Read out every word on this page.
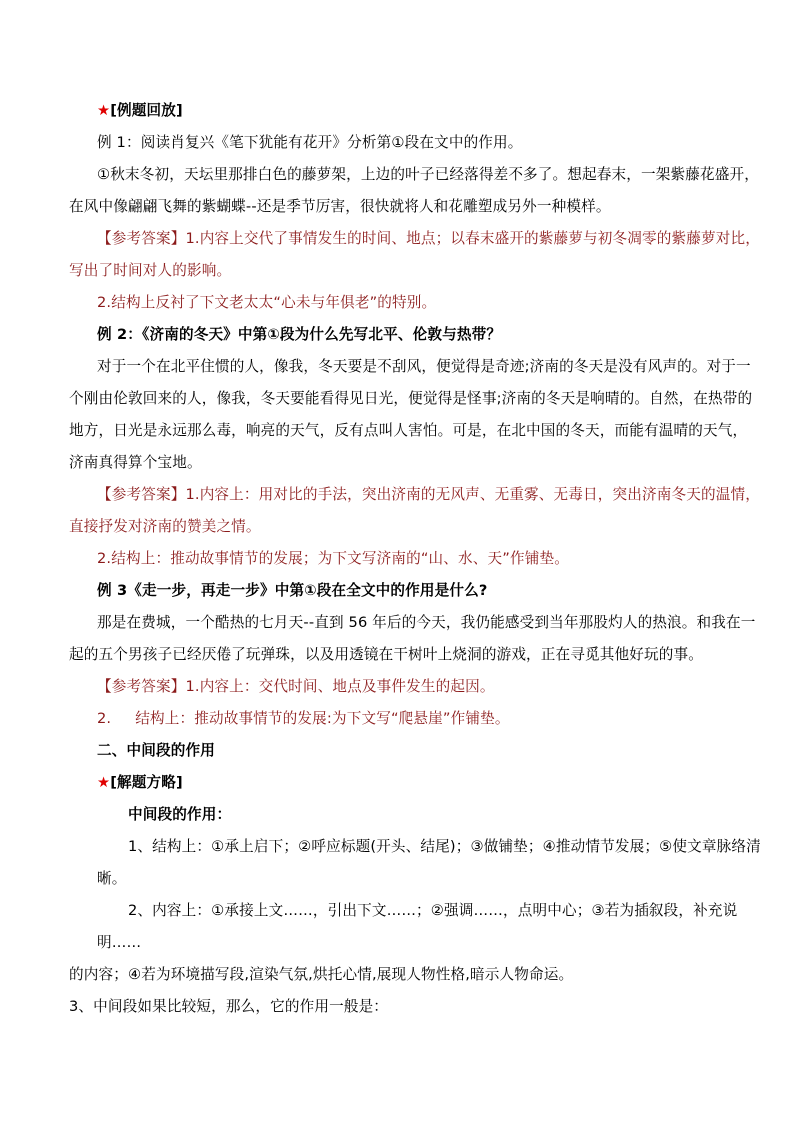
★[例题回放]
例 1：阅读肖复兴《笔下犹能有花开》分析第①段在文中的作用。
①秋末冬初，天坛里那排白色的藤萝架，上边的叶子已经落得差不多了。想起春末，一架紫藤花盛开，
在风中像翩翩飞舞的紫蝴蝶--还是季节厉害，很快就将人和花雕塑成另外一种模样。
【参考答案】1.内容上交代了事情发生的时间、地点；以春末盛开的紫藤萝与初冬凋零的紫藤萝对比，
写出了时间对人的影响。
2.结构上反衬了下文老太太“心未与年俱老”的特别。
例 2：《济南的冬天》中第①段为什么先写北平、伦敦与热带？
对于一个在北平住惯的人，像我，冬天要是不刮风，便觉得是奇迹;济南的冬天是没有风声的。对于一
个刚由伦敦回来的人，像我，冬天要能看得见日光，便觉得是怪事;济南的冬天是响晴的。自然，在热带的
地方，日光是永远那么毒，响亮的天气，反有点叫人害怕。可是，在北中国的冬天，而能有温晴的天气，
济南真得算个宝地。
【参考答案】1.内容上：用对比的手法，突出济南的无风声、无重雾、无毒日，突出济南冬天的温情，
直接抒发对济南的赞美之情。
2.结构上：推动故事情节的发展；为下文写济南的“山、水、天”作铺垫。
例 3《走一步，再走一步》中第①段在全文中的作用是什么?
那是在费城，一个酷热的七月天--直到 56 年后的今天，我仍能感受到当年那股灼人的热浪。和我在一
起的五个男孩子已经厌倦了玩弹珠，以及用透镜在干树叶上烧洞的游戏，正在寻觅其他好玩的事。
【参考答案】1.内容上：交代时间、地点及事件发生的起因。
2. 结构上：推动故事情节的发展:为下文写“爬悬崖”作铺垫。
二、中间段的作用
★[解题方略]
中间段的作用：
1、结构上：①承上启下；②呼应标题(开头、结尾)；③做铺垫；④推动情节发展；⑤使文章脉络清
晰。
2、内容上：①承接上文……，引出下文……；②强调……，点明中心；③若为插叙段，补充说
明……
的内容；④若为环境描写段,渲染气氛,烘托心情,展现人物性格,暗示人物命运。
3、中间段如果比较短，那么，它的作用一般是：
